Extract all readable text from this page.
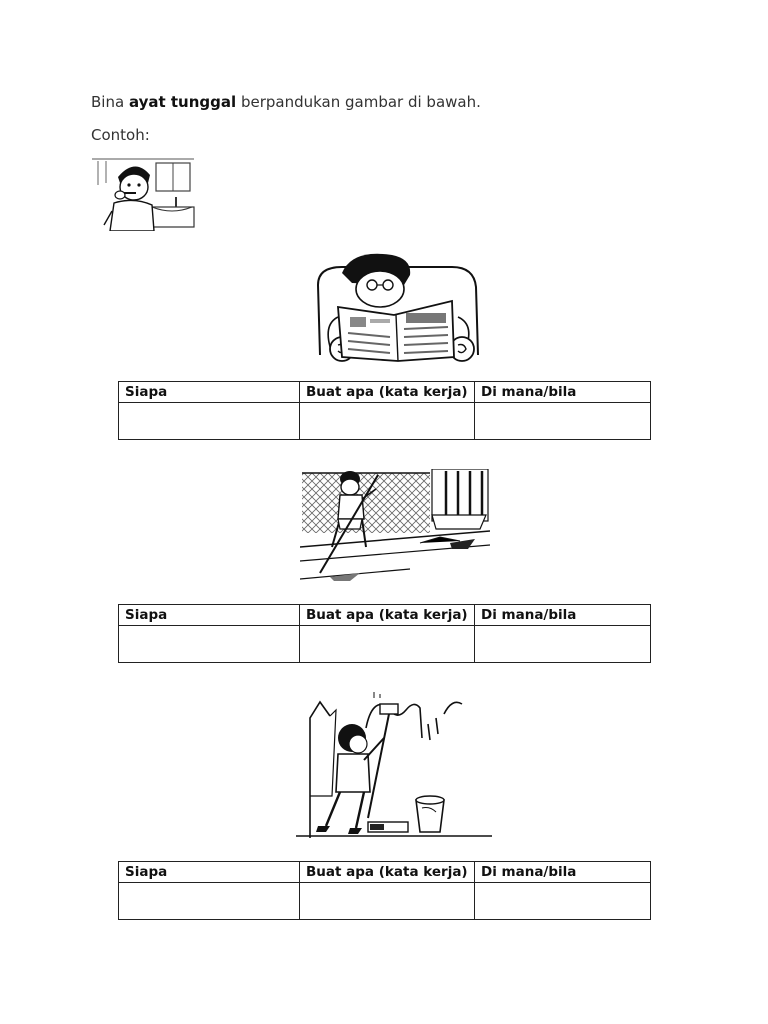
Bina ayat tunggal berpandukan gambar di bawah.
Contoh:
Siapa	Buat apa (kata kerja)	Di mana/bila

Siapa	Buat apa (kata kerja)	Di mana/bila

Siapa	Buat apa (kata kerja)	Di mana/bila
